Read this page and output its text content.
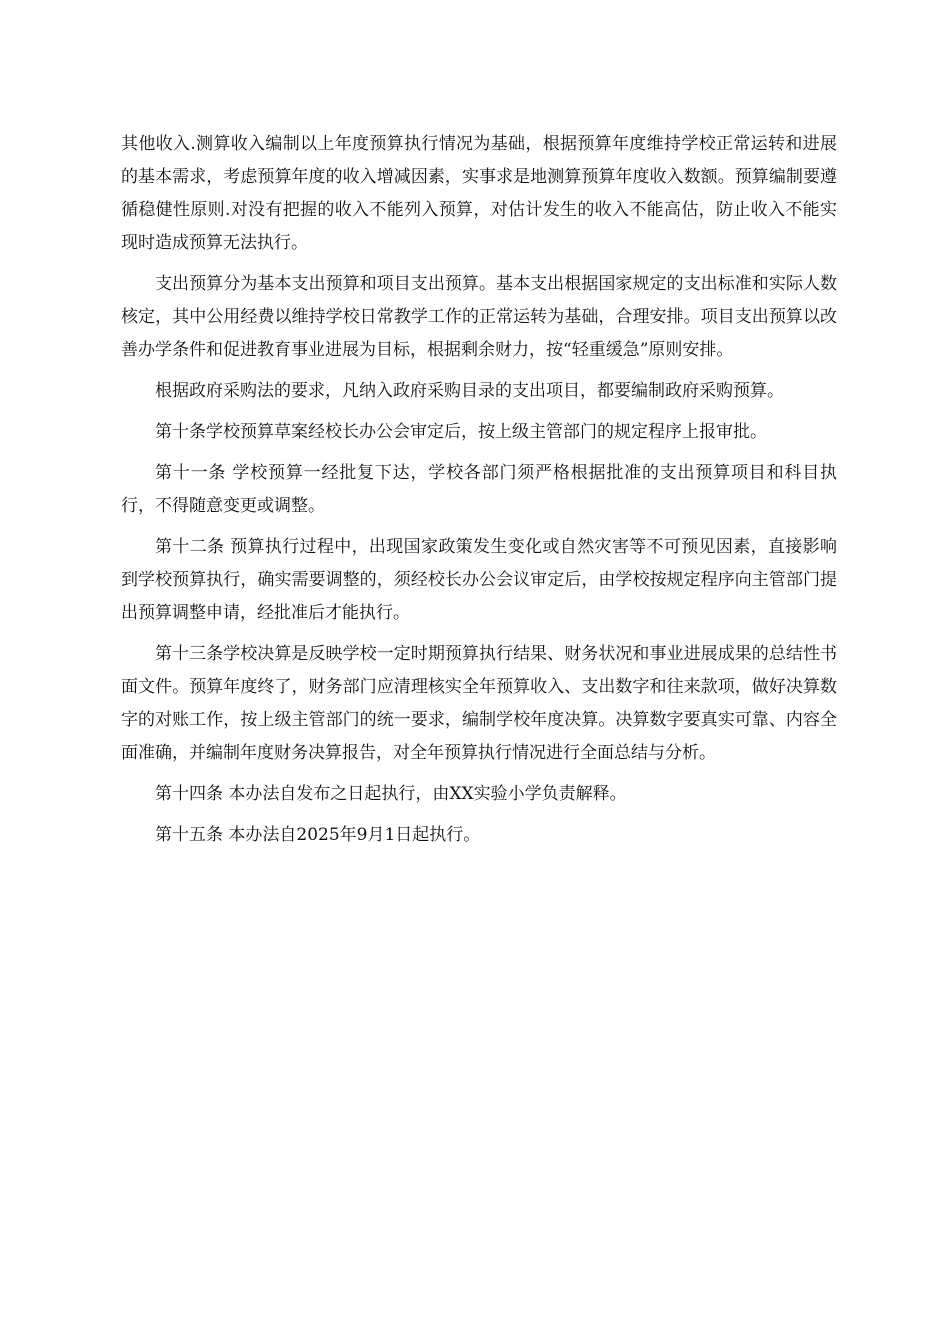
其他收入.测算收入编制以上年度预算执行情况为基础，根据预算年度维持学校正常运转和进展的基本需求，考虑预算年度的收入增减因素，实事求是地测算预算年度收入数额。预算编制要遵循稳健性原则.对没有把握的收入不能列入预算，对估计发生的收入不能高估，防止收入不能实现时造成预算无法执行。

支出预算分为基本支出预算和项目支出预算。基本支出根据国家规定的支出标准和实际人数核定，其中公用经费以维持学校日常教学工作的正常运转为基础，合理安排。项目支出预算以改善办学条件和促进教育事业进展为目标，根据剩余财力，按“轻重缓急”原则安排。

根据政府采购法的要求，凡纳入政府采购目录的支出项目，都要编制政府采购预算。

第十条学校预算草案经校长办公会审定后，按上级主管部门的规定程序上报审批。

第十一条 学校预算一经批复下达，学校各部门须严格根据批准的支出预算项目和科目执行，不得随意变更或调整。

第十二条 预算执行过程中，出现国家政策发生变化或自然灾害等不可预见因素，直接影响到学校预算执行，确实需要调整的，须经校长办公会议审定后，由学校按规定程序向主管部门提出预算调整申请，经批准后才能执行。

第十三条学校决算是反映学校一定时期预算执行结果、财务状况和事业进展成果的总结性书面文件。预算年度终了，财务部门应清理核实全年预算收入、支出数字和往来款项，做好决算数字的对账工作，按上级主管部门的统一要求，编制学校年度决算。决算数字要真实可靠、内容全面准确，并编制年度财务决算报告，对全年预算执行情况进行全面总结与分析。

第十四条 本办法自发布之日起执行，由XX实验小学负责解释。

第十五条 本办法自2025年9月1日起执行。
